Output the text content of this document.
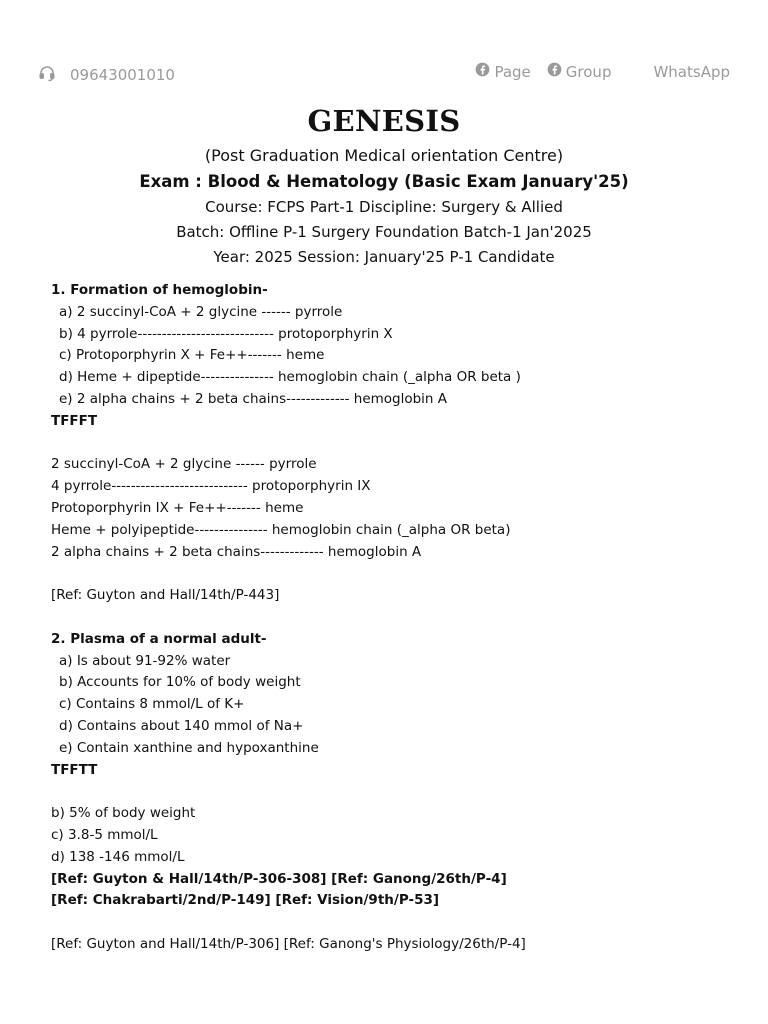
09643001010	Page Group	WhatsApp
GENESIS

(Post Graduation Medical orientation Centre)

Exam : Blood & Hematology (Basic Exam January'25)

Course: FCPS Part-1 Discipline: Surgery & Allied

Batch: Offline P-1 Surgery Foundation Batch-1 Jan'2025

Year: 2025 Session: January'25 P-1 Candidate

1. Formation of hemoglobin-
a) 2 succinyl-CoA + 2 glycine ------ pyrrole
b) 4 pyrrole---------------------------- protoporphyrin X
c) Protoporphyrin X + Fe++------- heme
d) Heme + dipeptide--------------- hemoglobin chain (_alpha OR beta )
e) 2 alpha chains + 2 beta chains------------- hemoglobin A
TFFFT
2 succinyl-CoA + 2 glycine ------ pyrrole
4 pyrrole---------------------------- protoporphyrin IX
Protoporphyrin IX + Fe++------- heme
Heme + polyipeptide--------------- hemoglobin chain (_alpha OR beta)
2 alpha chains + 2 beta chains------------- hemoglobin A
[Ref: Guyton and Hall/14th/P-443]
2. Plasma of a normal adult-
a) Is about 91-92% water
b) Accounts for 10% of body weight
c) Contains 8 mmol/L of K+
d) Contains about 140 mmol of Na+
e) Contain xanthine and hypoxanthine
TFFTT
b) 5% of body weight
c) 3.8-5 mmol/L
d) 138 -146 mmol/L
[Ref: Guyton & Hall/14th/P-306-308] [Ref: Ganong/26th/P-4]
[Ref: Chakrabarti/2nd/P-149] [Ref: Vision/9th/P-53]
[Ref: Guyton and Hall/14th/P-306] [Ref: Ganong's Physiology/26th/P-4]
